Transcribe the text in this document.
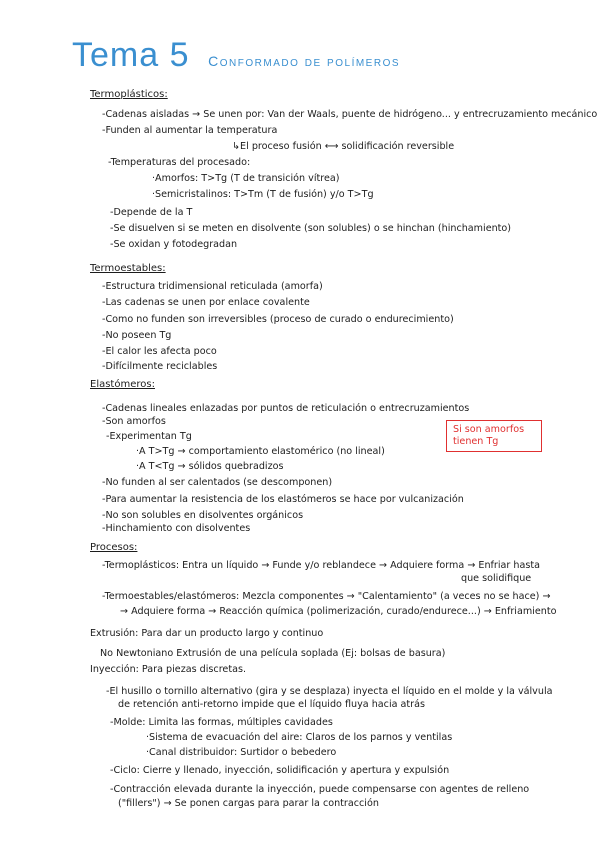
Tema 5 Conformado de polímeros
Termoplásticos:
-Cadenas aisladas → Se unen por: Van der Waals, puente de hidrógeno... y entrecruzamiento mecánico
-Funden al aumentar la temperatura
↳El proceso fusión ⟷ solidificación reversible
-Temperaturas del procesado:
·Amorfos: T>Tg (T de transición vítrea)
·Semicristalinos: T>Tm (T de fusión) y/o T>Tg
-Depende de la T
-Se disuelven si se meten en disolvente (son solubles) o se hinchan (hinchamiento)
-Se oxidan y fotodegradan
Termoestables:
-Estructura tridimensional reticulada (amorfa)
-Las cadenas se unen por enlace covalente
-Como no funden son irreversibles (proceso de curado o endurecimiento)
-No poseen Tg
-El calor les afecta poco
-Difícilmente reciclables
Elastómeros:
-Cadenas lineales enlazadas por puntos de reticulación o entrecruzamientos
-Son amorfos
-Experimentan Tg
·A T>Tg → comportamiento elastomérico (no lineal)
·A T<Tg → sólidos quebradizos
-No funden al ser calentados (se descomponen)
-Para aumentar la resistencia de los elastómeros se hace por vulcanización
-No son solubles en disolventes orgánicos
-Hinchamiento con disolventes
Si son amorfos
tienen Tg
Procesos:
-Termoplásticos: Entra un líquido → Funde y/o reblandece → Adquiere forma → Enfriar hasta
que solidifique
-Termoestables/elastómeros: Mezcla componentes → "Calentamiento" (a veces no se hace) →
→ Adquiere forma → Reacción química (polimerización, curado/endurece...) → Enfriamiento
Extrusión: Para dar un producto largo y continuo
No Newtoniano Extrusión de una película soplada (Ej: bolsas de basura)
Inyección: Para piezas discretas.
-El husillo o tornillo alternativo (gira y se desplaza) inyecta el líquido en el molde y la válvula
de retención anti-retorno impide que el líquido fluya hacia atrás
-Molde: Limita las formas, múltiples cavidades
·Sistema de evacuación del aire: Claros de los parnos y ventilas
·Canal distribuidor: Surtidor o bebedero
-Ciclo: Cierre y llenado, inyección, solidificación y apertura y expulsión
-Contracción elevada durante la inyección, puede compensarse con agentes de relleno
("fillers") → Se ponen cargas para parar la contracción
